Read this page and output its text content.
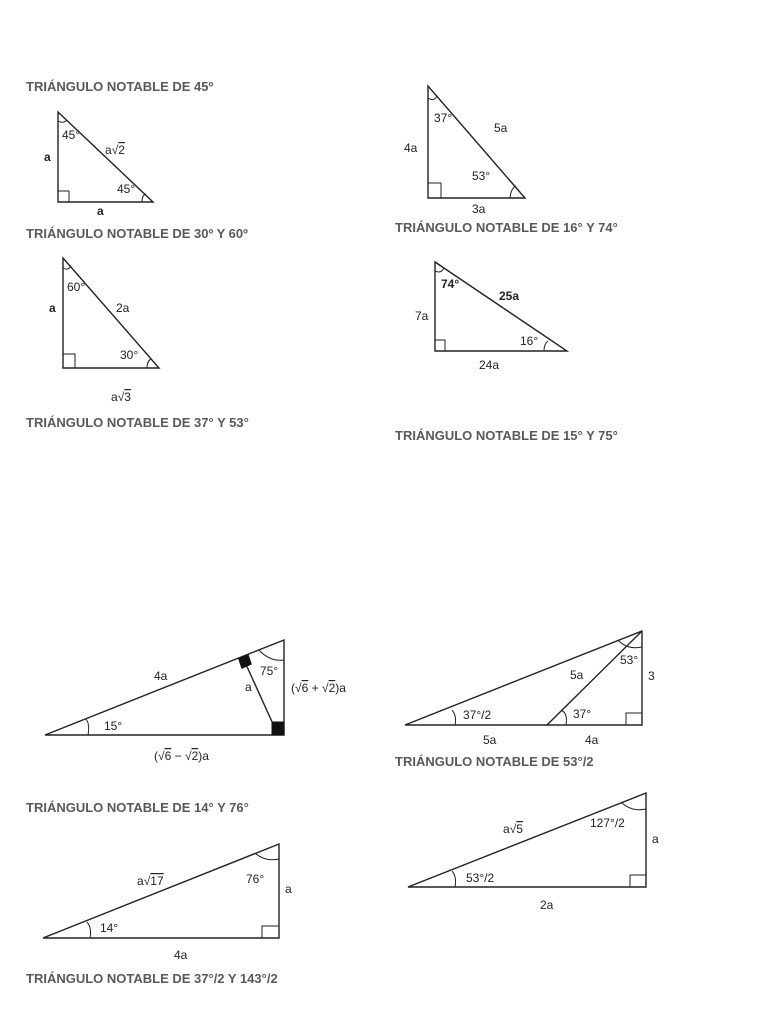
TRIÁNGULO NOTABLE DE 45º

TRIÁNGULO NOTABLE DE 30º Y 60º

TRIÁNGULO NOTABLE DE 37° Y 53°

TRIÁNGULO NOTABLE DE 16° Y 74°

TRIÁNGULO NOTABLE DE 15° Y 75°

TRIÁNGULO NOTABLE DE 53°/2

TRIÁNGULO NOTABLE DE 14° Y 76°

TRIÁNGULO NOTABLE DE 37°/2 Y 143°/2

45°
a√2
45°
a
a
60°
2a
30°
a
a√3
37°
5a
53°
4a
3a
74°
25a
16°
7a
24a
4a
a
75°
15°
(√6 + √2)a
(√6 − √2)a
53°
5a	3
37°/2	37°
5a	4a
a√17	76°
a
14°
4a
a√5	127°/2
a
53°/2
2a
